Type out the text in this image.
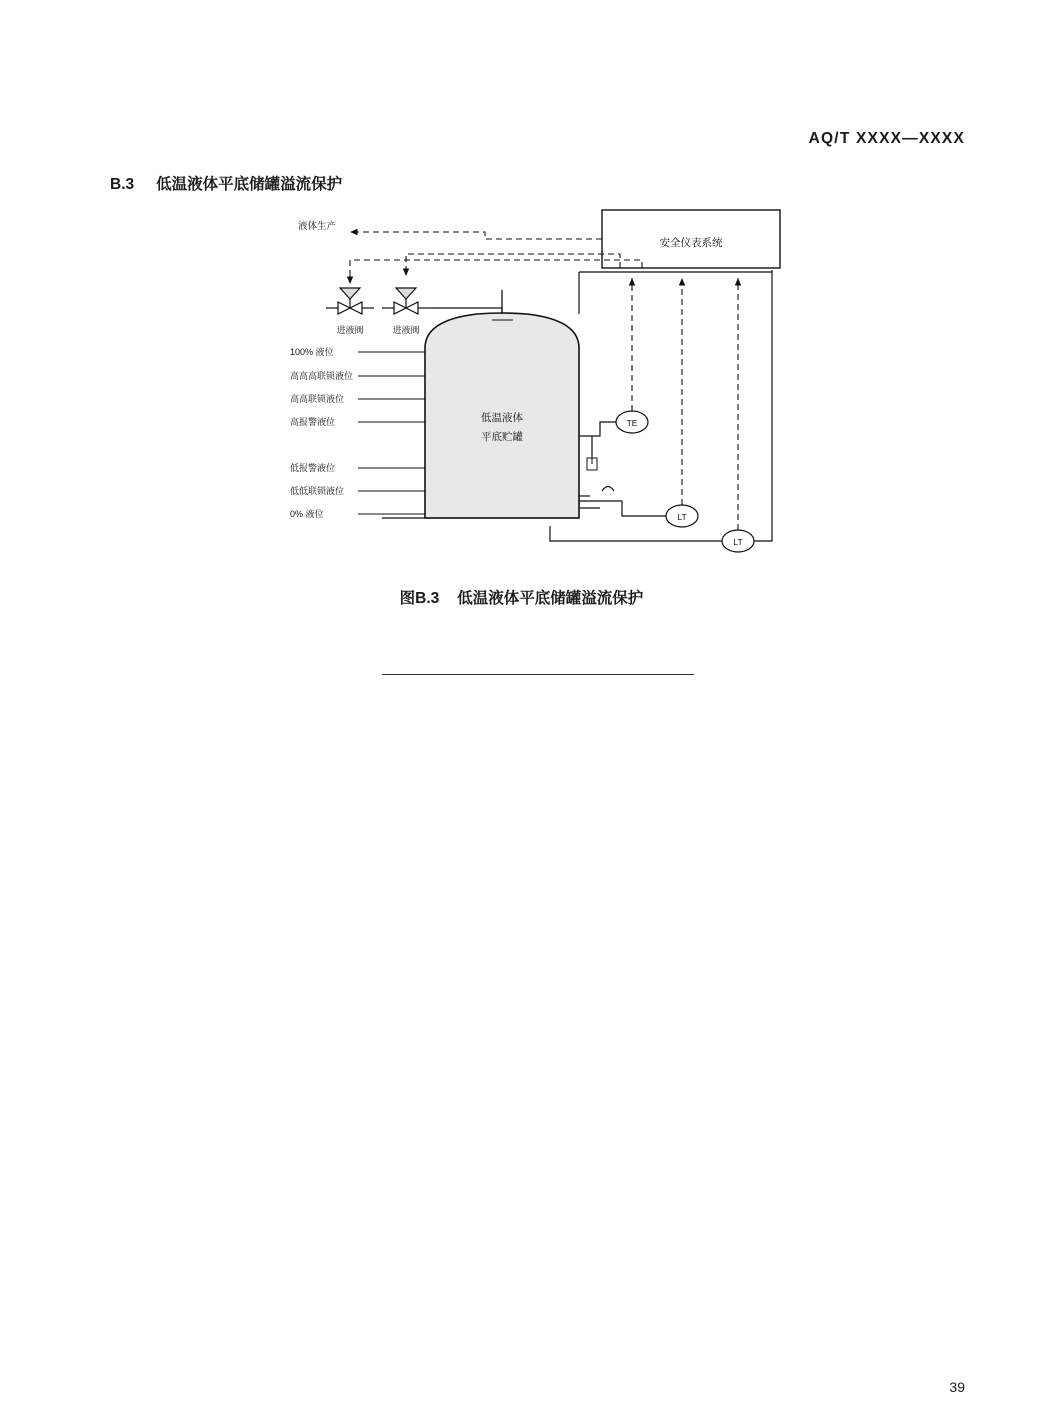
AQ/T XXXX—XXXX
B.3 低温液体平底储罐溢流保护
安全仪表系统
液体生产
进液阀	进液阀
低温液体
平底贮罐
100% 液位
高高高联锁液位
高高联锁液位
高报警液位
低报警液位
低低联锁液位
0% 液位
TE
LT
LT
图B.3 低温液体平底储罐溢流保护
39
